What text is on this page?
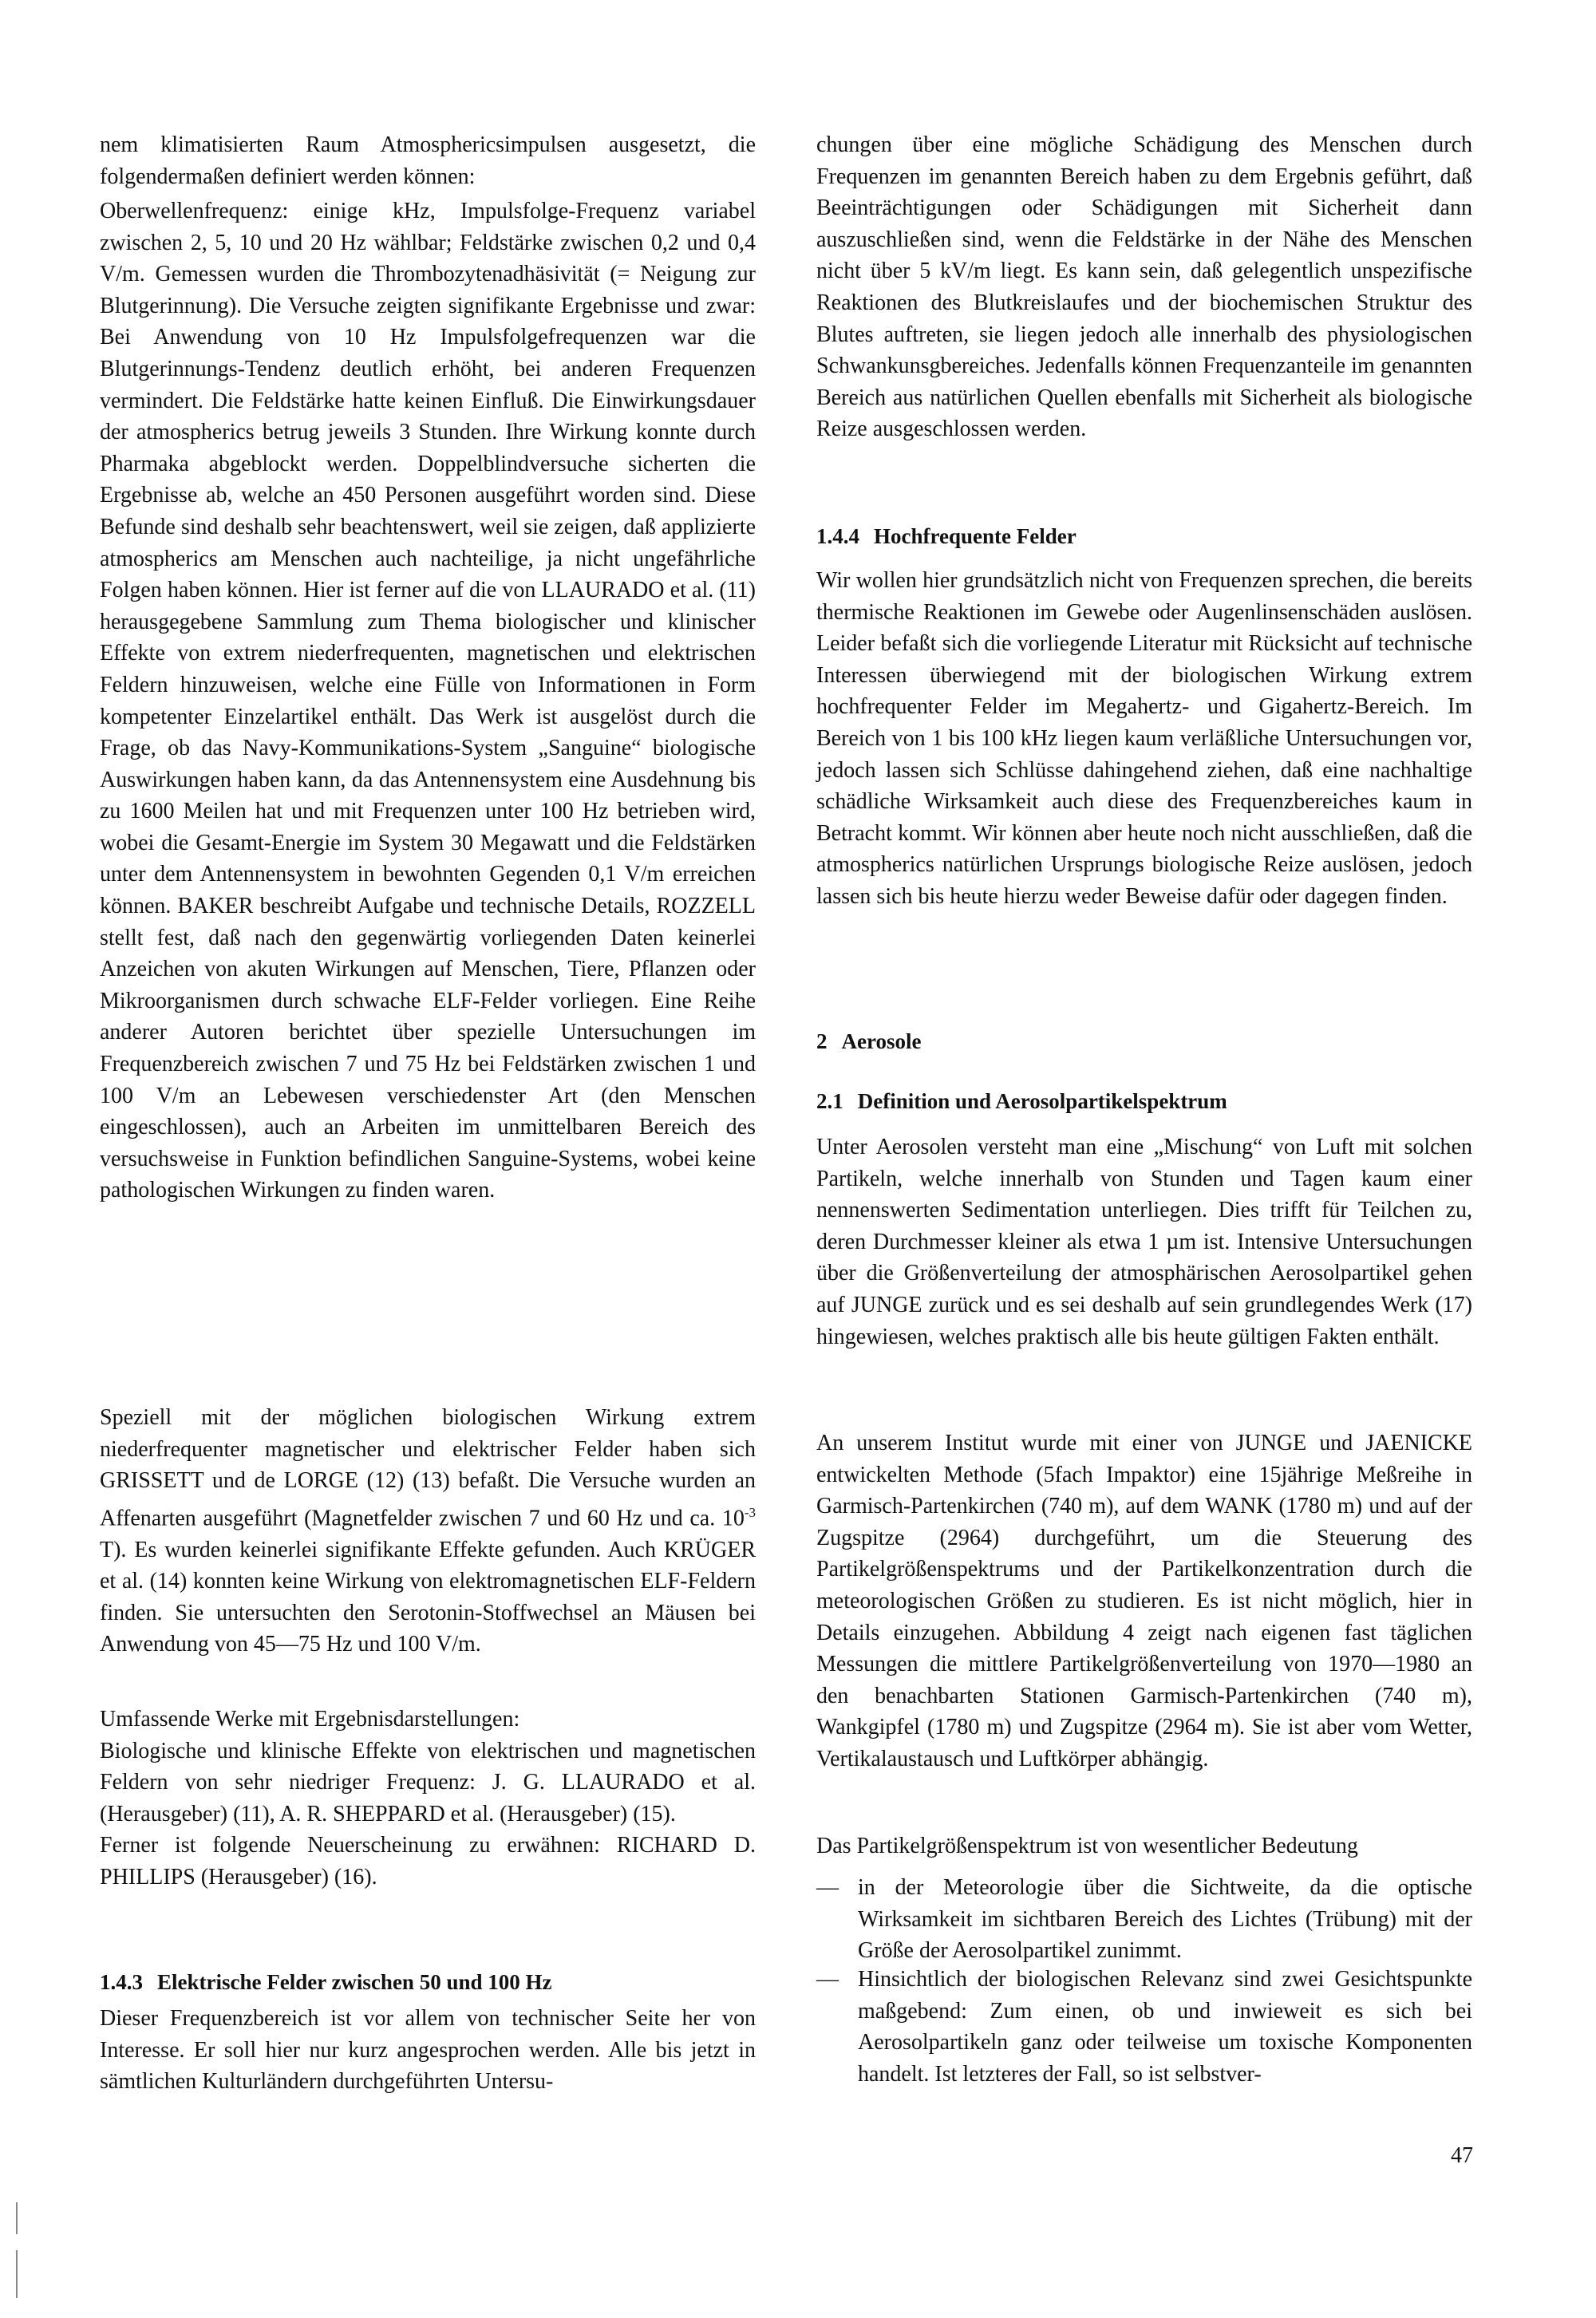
nem klimatisierten Raum Atmosphericsimpulsen ausgesetzt, die folgendermaßen definiert werden können:

Oberwellenfrequenz: einige kHz, Impulsfolge-Frequenz variabel zwischen 2, 5, 10 und 20 Hz wählbar; Feldstärke zwischen 0,2 und 0,4 V/m. Gemessen wurden die Thrombozytenadhäsivität (= Neigung zur Blutgerinnung). Die Versuche zeigten signifikante Ergebnisse und zwar: Bei Anwendung von 10 Hz Impulsfolgefrequenzen war die Blutgerinnungs-Tendenz deutlich erhöht, bei anderen Frequenzen vermindert. Die Feldstärke hatte keinen Einfluß. Die Einwirkungsdauer der atmospherics betrug jeweils 3 Stunden. Ihre Wirkung konnte durch Pharmaka abgeblockt werden. Doppelblindversuche sicherten die Ergebnisse ab, welche an 450 Personen ausgeführt worden sind. Diese Befunde sind deshalb sehr beachtenswert, weil sie zeigen, daß applizierte atmospherics am Menschen auch nachteilige, ja nicht ungefährliche Folgen haben können. Hier ist ferner auf die von LLAURADO et al. (11) herausgegebene Sammlung zum Thema biologischer und klinischer Effekte von extrem niederfrequenten, magnetischen und elektrischen Feldern hinzuweisen, welche eine Fülle von Informationen in Form kompetenter Einzelartikel enthält. Das Werk ist ausgelöst durch die Frage, ob das Navy-Kommunikations-System „Sanguine“ biologische Auswirkungen haben kann, da das Antennensystem eine Ausdehnung bis zu 1600 Meilen hat und mit Frequenzen unter 100 Hz betrieben wird, wobei die Gesamt-Energie im System 30 Megawatt und die Feldstärken unter dem Antennensystem in bewohnten Gegenden 0,1 V/m erreichen können. BAKER beschreibt Aufgabe und technische Details, ROZZELL stellt fest, daß nach den gegenwärtig vorliegenden Daten keinerlei Anzeichen von akuten Wirkungen auf Menschen, Tiere, Pflanzen oder Mikroorganismen durch schwache ELF-Felder vorliegen. Eine Reihe anderer Autoren berichtet über spezielle Untersuchungen im Frequenzbereich zwischen 7 und 75 Hz bei Feldstärken zwischen 1 und 100 V/m an Lebewesen verschiedenster Art (den Menschen eingeschlossen), auch an Arbeiten im unmittelbaren Bereich des versuchsweise in Funktion befindlichen Sanguine-Systems, wobei keine pathologischen Wirkungen zu finden waren.

Speziell mit der möglichen biologischen Wirkung extrem niederfrequenter magnetischer und elektrischer Felder haben sich GRISSETT und de LORGE (12) (13) befaßt. Die Versuche wurden an Affenarten ausgeführt (Magnetfelder zwischen 7 und 60 Hz und ca. $10^{-3}$ T). Es wurden keinerlei signifikante Effekte gefunden. Auch KRÜGER et al. (14) konnten keine Wirkung von elektromagnetischen ELF-Feldern finden. Sie untersuchten den Serotonin-Stoffwechsel an Mäusen bei Anwendung von 45—75 Hz und 100 V/m.

Umfassende Werke mit Ergebnisdarstellungen:
Biologische und klinische Effekte von elektrischen und magnetischen Feldern von sehr niedriger Frequenz: J. G. LLAURADO et al. (Herausgeber) (11), A. R. SHEPPARD et al. (Herausgeber) (15).
Ferner ist folgende Neuerscheinung zu erwähnen: RICHARD D. PHILLIPS (Herausgeber) (16).

1.4.3 Elektrische Felder zwischen 50 und 100 Hz

Dieser Frequenzbereich ist vor allem von technischer Seite her von Interesse. Er soll hier nur kurz angesprochen werden. Alle bis jetzt in sämtlichen Kulturländern durchgeführten Untersu-

chungen über eine mögliche Schädigung des Menschen durch Frequenzen im genannten Bereich haben zu dem Ergebnis geführt, daß Beeinträchtigungen oder Schädigungen mit Sicherheit dann auszuschließen sind, wenn die Feldstärke in der Nähe des Menschen nicht über 5 kV/m liegt. Es kann sein, daß gelegentlich unspezifische Reaktionen des Blutkreislaufes und der biochemischen Struktur des Blutes auftreten, sie liegen jedoch alle innerhalb des physiologischen Schwankunsgbereiches. Jedenfalls können Frequenzanteile im genannten Bereich aus natürlichen Quellen ebenfalls mit Sicherheit als biologische Reize ausgeschlossen werden.

1.4.4 Hochfrequente Felder

Wir wollen hier grundsätzlich nicht von Frequenzen sprechen, die bereits thermische Reaktionen im Gewebe oder Augenlinsenschäden auslösen. Leider befaßt sich die vorliegende Literatur mit Rücksicht auf technische Interessen überwiegend mit der biologischen Wirkung extrem hochfrequenter Felder im Megahertz- und Gigahertz-Bereich. Im Bereich von 1 bis 100 kHz liegen kaum verläßliche Untersuchungen vor, jedoch lassen sich Schlüsse dahingehend ziehen, daß eine nachhaltige schädliche Wirksamkeit auch diese des Frequenzbereiches kaum in Betracht kommt. Wir können aber heute noch nicht ausschließen, daß die atmospherics natürlichen Ursprungs biologische Reize auslösen, jedoch lassen sich bis heute hierzu weder Beweise dafür oder dagegen finden.

2 Aerosole
2.1 Definition und Aerosolpartikelspektrum

Unter Aerosolen versteht man eine „Mischung“ von Luft mit solchen Partikeln, welche innerhalb von Stunden und Tagen kaum einer nennenswerten Sedimentation unterliegen. Dies trifft für Teilchen zu, deren Durchmesser kleiner als etwa 1 µm ist. Intensive Untersuchungen über die Größenverteilung der atmosphärischen Aerosolpartikel gehen auf JUNGE zurück und es sei deshalb auf sein grundlegendes Werk (17) hingewiesen, welches praktisch alle bis heute gültigen Fakten enthält.

An unserem Institut wurde mit einer von JUNGE und JAENICKE entwickelten Methode (5fach Impaktor) eine 15jährige Meßreihe in Garmisch-Partenkirchen (740 m), auf dem WANK (1780 m) und auf der Zugspitze (2964) durchgeführt, um die Steuerung des Partikelgrößenspektrums und der Partikelkonzentration durch die meteorologischen Größen zu studieren. Es ist nicht möglich, hier in Details einzugehen. Abbildung 4 zeigt nach eigenen fast täglichen Messungen die mittlere Partikelgrößenverteilung von 1970—1980 an den benachbarten Stationen Garmisch-Partenkirchen (740 m), Wankgipfel (1780 m) und Zugspitze (2964 m). Sie ist aber vom Wetter, Vertikalaustausch und Luftkörper abhängig.

Das Partikelgrößenspektrum ist von wesentlicher Bedeutung

— in der Meteorologie über die Sichtweite, da die optische Wirksamkeit im sichtbaren Bereich des Lichtes (Trübung) mit der Größe der Aerosolpartikel zunimmt.
— Hinsichtlich der biologischen Relevanz sind zwei Gesichtspunkte maßgebend: Zum einen, ob und inwieweit es sich bei Aerosolpartikeln ganz oder teilweise um toxische Komponenten handelt. Ist letzteres der Fall, so ist selbstver-
47
